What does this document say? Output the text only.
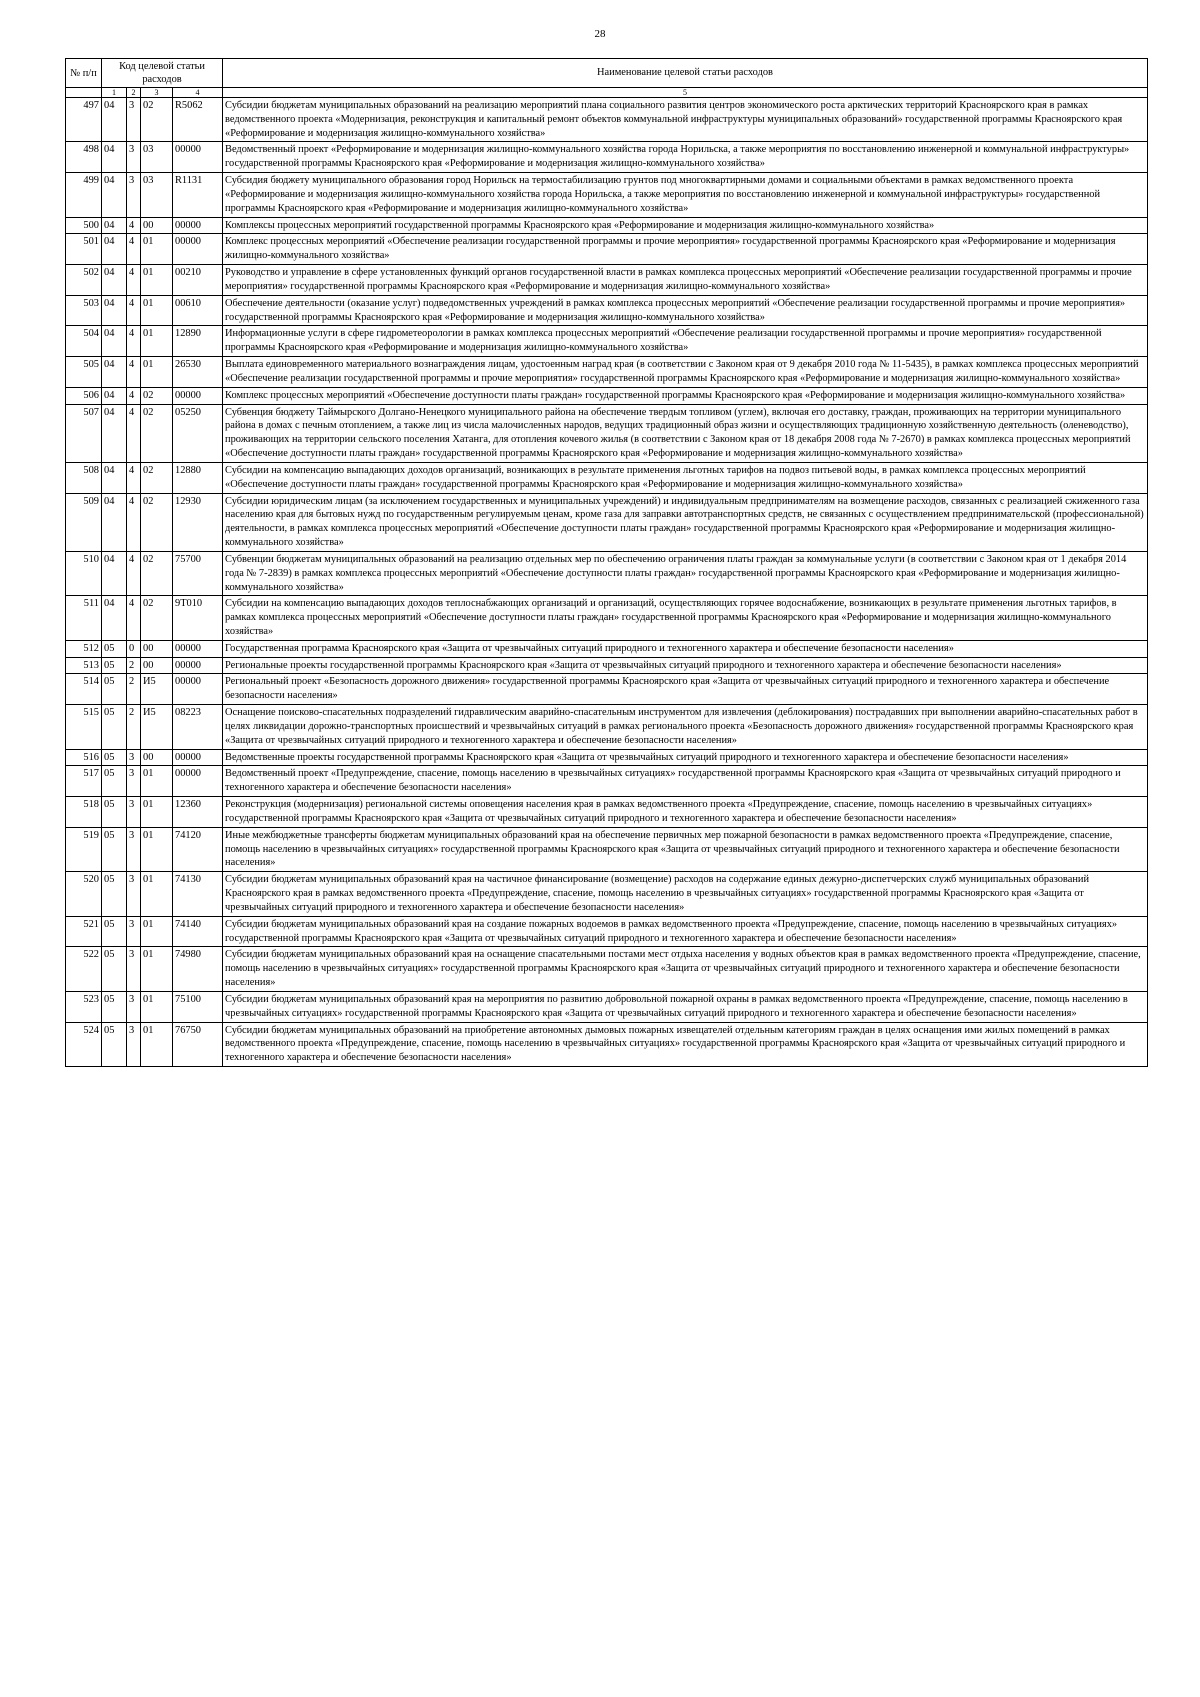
28
№ п/п	Код целевой статьи расходов				Наименование целевой статьи расходов

	1	2	3	4	5
497	04	3	02	R5062	Субсидии бюджетам муниципальных образований на реализацию мероприятий плана социального развития центров экономического роста арктических территорий Красноярского края в рамках ведомственного проекта «Модернизация, реконструкция и капитальный ремонт объектов коммунальной инфраструктуры муниципальных образований» государственной программы Красноярского края «Реформирование и модернизация жилищно-коммунального хозяйства»
498	04	3	03	00000	Ведомственный проект «Реформирование и модернизация жилищно-коммунального хозяйства города Норильска, а также мероприятия по восстановлению инженерной и коммунальной инфраструктуры» государственной программы Красноярского края «Реформирование и модернизация жилищно-коммунального хозяйства»
499	04	3	03	R1131	Субсидия бюджету муниципального образования город Норильск на термостабилизацию грунтов под многоквартирными домами и социальными объектами в рамках ведомственного проекта «Реформирование и модернизация жилищно-коммунального хозяйства города Норильска, а также мероприятия по восстановлению инженерной и коммунальной инфраструктуры» государственной программы Красноярского края «Реформирование и модернизация жилищно-коммунального хозяйства»
500	04	4	00	00000	Комплексы процессных мероприятий государственной программы Красноярского края «Реформирование и модернизация жилищно-коммунального хозяйства»
501	04	4	01	00000	Комплекс процессных мероприятий «Обеспечение реализации государственной программы и прочие мероприятия» государственной программы Красноярского края «Реформирование и модернизация жилищно-коммунального хозяйства»
502	04	4	01	00210	Руководство и управление в сфере установленных функций органов государственной власти в рамках комплекса процессных мероприятий «Обеспечение реализации государственной программы и прочие мероприятия» государственной программы Красноярского края «Реформирование и модернизация жилищно-коммунального хозяйства»
503	04	4	01	00610	Обеспечение деятельности (оказание услуг) подведомственных учреждений в рамках комплекса процессных мероприятий «Обеспечение реализации государственной программы и прочие мероприятия» государственной программы Красноярского края «Реформирование и модернизация жилищно-коммунального хозяйства»
504	04	4	01	12890	Информационные услуги в сфере гидрометеорологии в рамках комплекса процессных мероприятий «Обеспечение реализации государственной программы и прочие мероприятия» государственной программы Красноярского края «Реформирование и модернизация жилищно-коммунального хозяйства»
505	04	4	01	26530	Выплата единовременного материального вознаграждения лицам, удостоенным наград края (в соответствии с Законом края от 9 декабря 2010 года № 11-5435), в рамках комплекса процессных мероприятий «Обеспечение реализации государственной программы и прочие мероприятия» государственной программы Красноярского края «Реформирование и модернизация жилищно-коммунального хозяйства»
506	04	4	02	00000	Комплекс процессных мероприятий «Обеспечение доступности платы граждан» государственной программы Красноярского края «Реформирование и модернизация жилищно-коммунального хозяйства»
507	04	4	02	05250	Субвенция бюджету Таймырского Долгано-Ненецкого муниципального района на обеспечение твердым топливом (углем), включая его доставку, граждан, проживающих на территории муниципального района в домах с печным отоплением, а также лиц из числа малочисленных народов, ведущих традиционный образ жизни и осуществляющих традиционную хозяйственную деятельность (оленеводство), проживающих на территории сельского поселения Хатанга, для отопления кочевого жилья (в соответствии с Законом края от 18 декабря 2008 года № 7-2670) в рамках комплекса процессных мероприятий «Обеспечение доступности платы граждан» государственной программы Красноярского края «Реформирование и модернизация жилищно-коммунального хозяйства»
508	04	4	02	12880	Субсидии на компенсацию выпадающих доходов организаций, возникающих в результате применения льготных тарифов на подвоз питьевой воды, в рамках комплекса процессных мероприятий «Обеспечение доступности платы граждан» государственной программы Красноярского края «Реформирование и модернизация жилищно-коммунального хозяйства»
509	04	4	02	12930	Субсидии юридическим лицам (за исключением государственных и муниципальных учреждений) и индивидуальным предпринимателям на возмещение расходов, связанных с реализацией сжиженного газа населению края для бытовых нужд по государственным регулируемым ценам, кроме газа для заправки автотранспортных средств, не связанных с осуществлением предпринимательской (профессиональной) деятельности, в рамках комплекса процессных мероприятий «Обеспечение доступности платы граждан» государственной программы Красноярского края «Реформирование и модернизация жилищно-коммунального хозяйства»
510	04	4	02	75700	Субвенции бюджетам муниципальных образований на реализацию отдельных мер по обеспечению ограничения платы граждан за коммунальные услуги (в соответствии с Законом края от 1 декабря 2014 года № 7-2839) в рамках комплекса процессных мероприятий «Обеспечение доступности платы граждан» государственной программы Красноярского края «Реформирование и модернизация жилищно-коммунального хозяйства»
511	04	4	02	9Т010	Субсидии на компенсацию выпадающих доходов теплоснабжающих организаций и организаций, осуществляющих горячее водоснабжение, возникающих в результате применения льготных тарифов, в рамках комплекса процессных мероприятий «Обеспечение доступности платы граждан» государственной программы Красноярского края «Реформирование и модернизация жилищно-коммунального хозяйства»
512	05	0	00	00000	Государственная программа Красноярского края «Защита от чрезвычайных ситуаций природного и техногенного характера и обеспечение безопасности населения»
513	05	2	00	00000	Региональные проекты государственной программы Красноярского края «Защита от чрезвычайных ситуаций природного и техногенного характера и обеспечение безопасности населения»
514	05	2	И5	00000	Региональный проект «Безопасность дорожного движения» государственной программы Красноярского края «Защита от чрезвычайных ситуаций природного и техногенного характера и обеспечение безопасности населения»
515	05	2	И5	08223	Оснащение поисково-спасательных подразделений гидравлическим аварийно-спасательным инструментом для извлечения (деблокирования) пострадавших при выполнении аварийно-спасательных работ в целях ликвидации дорожно-транспортных происшествий и чрезвычайных ситуаций в рамках регионального проекта «Безопасность дорожного движения» государственной программы Красноярского края «Защита от чрезвычайных ситуаций природного и техногенного характера и обеспечение безопасности населения»
516	05	3	00	00000	Ведомственные проекты государственной программы Красноярского края «Защита от чрезвычайных ситуаций природного и техногенного характера и обеспечение безопасности населения»
517	05	3	01	00000	Ведомственный проект «Предупреждение, спасение, помощь населению в чрезвычайных ситуациях» государственной программы Красноярского края «Защита от чрезвычайных ситуаций природного и техногенного характера и обеспечение безопасности населения»
518	05	3	01	12360	Реконструкция (модернизация) региональной системы оповещения населения края в рамках ведомственного проекта «Предупреждение, спасение, помощь населению в чрезвычайных ситуациях» государственной программы Красноярского края «Защита от чрезвычайных ситуаций природного и техногенного характера и обеспечение безопасности населения»
519	05	3	01	74120	Иные межбюджетные трансферты бюджетам муниципальных образований края на обеспечение первичных мер пожарной безопасности в рамках ведомственного проекта «Предупреждение, спасение, помощь населению в чрезвычайных ситуациях» государственной программы Красноярского края «Защита от чрезвычайных ситуаций природного и техногенного характера и обеспечение безопасности населения»
520	05	3	01	74130	Субсидии бюджетам муниципальных образований края на частичное финансирование (возмещение) расходов на содержание единых дежурно-диспетчерских служб муниципальных образований Красноярского края в рамках ведомственного проекта «Предупреждение, спасение, помощь населению в чрезвычайных ситуациях» государственной программы Красноярского края «Защита от чрезвычайных ситуаций природного и техногенного характера и обеспечение безопасности населения»
521	05	3	01	74140	Субсидии бюджетам муниципальных образований края на создание пожарных водоемов в рамках ведомственного проекта «Предупреждение, спасение, помощь населению в чрезвычайных ситуациях» государственной программы Красноярского края «Защита от чрезвычайных ситуаций природного и техногенного характера и обеспечение безопасности населения»
522	05	3	01	74980	Субсидии бюджетам муниципальных образований края на оснащение спасательными постами мест отдыха населения у водных объектов края в рамках ведомственного проекта «Предупреждение, спасение, помощь населению в чрезвычайных ситуациях» государственной программы Красноярского края «Защита от чрезвычайных ситуаций природного и техногенного характера и обеспечение безопасности населения»
523	05	3	01	75100	Субсидии бюджетам муниципальных образований края на мероприятия по развитию добровольной пожарной охраны в рамках ведомственного проекта «Предупреждение, спасение, помощь населению в чрезвычайных ситуациях» государственной программы Красноярского края «Защита от чрезвычайных ситуаций природного и техногенного характера и обеспечение безопасности населения»
524	05	3	01	76750	Субсидии бюджетам муниципальных образований на приобретение автономных дымовых пожарных извещателей отдельным категориям граждан в целях оснащения ими жилых помещений в рамках ведомственного проекта «Предупреждение, спасение, помощь населению в чрезвычайных ситуациях» государственной программы Красноярского края «Защита от чрезвычайных ситуаций природного и техногенного характера и обеспечение безопасности населения»
